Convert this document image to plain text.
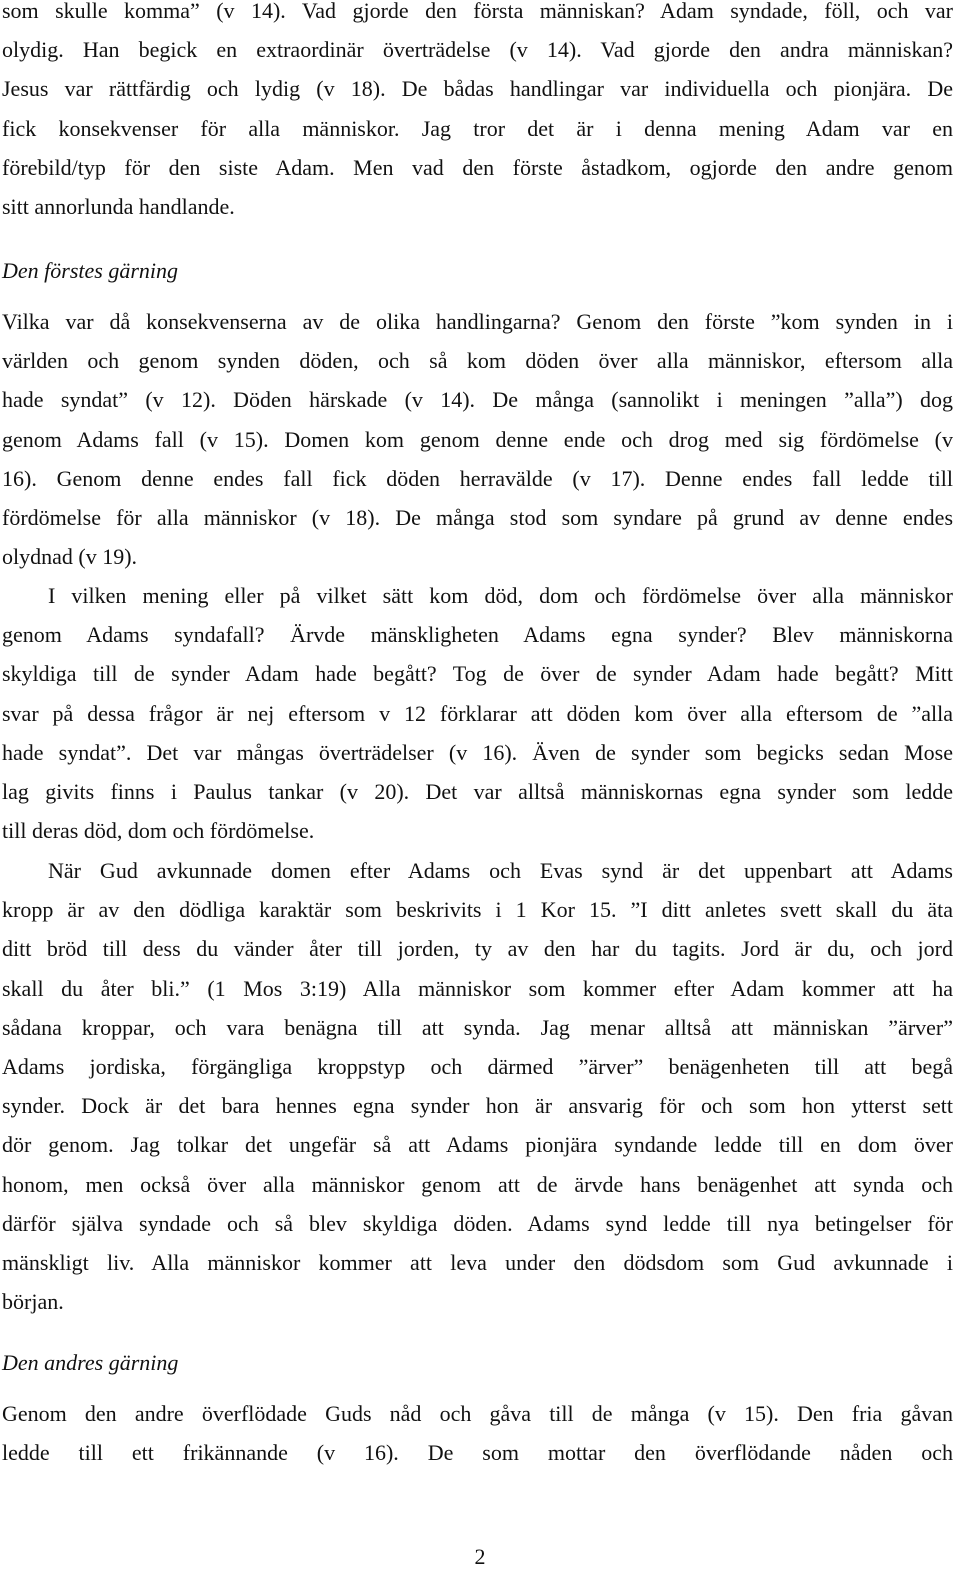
som skulle komma” (v 14). Vad gjorde den första människan? Adam syndade, föll, och var
olydig. Han begick en extraordinär överträdelse (v 14). Vad gjorde den andra människan?
Jesus var rättfärdig och lydig (v 18). De bådas handlingar var individuella och pionjära. De
fick konsekvenser för alla människor. Jag tror det är i denna mening Adam var en
förebild/typ för den siste Adam. Men vad den förste åstadkom, ogjorde den andre genom
sitt annorlunda handlande.
Den förstes gärning
Vilka var då konsekvenserna av de olika handlingarna? Genom den förste ”kom synden in i
världen och genom synden döden, och så kom döden över alla människor, eftersom alla
hade syndat” (v 12). Döden härskade (v 14). De många (sannolikt i meningen ”alla”) dog
genom Adams fall (v 15). Domen kom genom denne ende och drog med sig fördömelse (v
16). Genom denne endes fall fick döden herravälde (v 17). Denne endes fall ledde till
fördömelse för alla människor (v 18). De många stod som syndare på grund av denne endes
olydnad (v 19).
I vilken mening eller på vilket sätt kom död, dom och fördömelse över alla människor
genom Adams syndafall? Ärvde mänskligheten Adams egna synder? Blev människorna
skyldiga till de synder Adam hade begått? Tog de över de synder Adam hade begått? Mitt
svar på dessa frågor är nej eftersom v 12 förklarar att döden kom över alla eftersom de ”alla
hade syndat”. Det var mångas överträdelser (v 16). Även de synder som begicks sedan Mose
lag givits finns i Paulus tankar (v 20). Det var alltså människornas egna synder som ledde
till deras död, dom och fördömelse.
När Gud avkunnade domen efter Adams och Evas synd är det uppenbart att Adams
kropp är av den dödliga karaktär som beskrivits i 1 Kor 15. ”I ditt anletes svett skall du äta
ditt bröd till dess du vänder åter till jorden, ty av den har du tagits. Jord är du, och jord
skall du åter bli.” (1 Mos 3:19) Alla människor som kommer efter Adam kommer att ha
sådana kroppar, och vara benägna till att synda. Jag menar alltså att människan ”ärver”
Adams jordiska, förgängliga kroppstyp och därmed ”ärver” benägenheten till att begå
synder. Dock är det bara hennes egna synder hon är ansvarig för och som hon ytterst sett
dör genom. Jag tolkar det ungefär så att Adams pionjära syndande ledde till en dom över
honom, men också över alla människor genom att de ärvde hans benägenhet att synda och
därför själva syndade och så blev skyldiga döden. Adams synd ledde till nya betingelser för
mänskligt liv. Alla människor kommer att leva under den dödsdom som Gud avkunnade i
början.
Den andres gärning
Genom den andre överflödade Guds nåd och gåva till de många (v 15). Den fria gåvan
ledde till ett frikännande (v 16). De som mottar den överflödande nåden och
2
